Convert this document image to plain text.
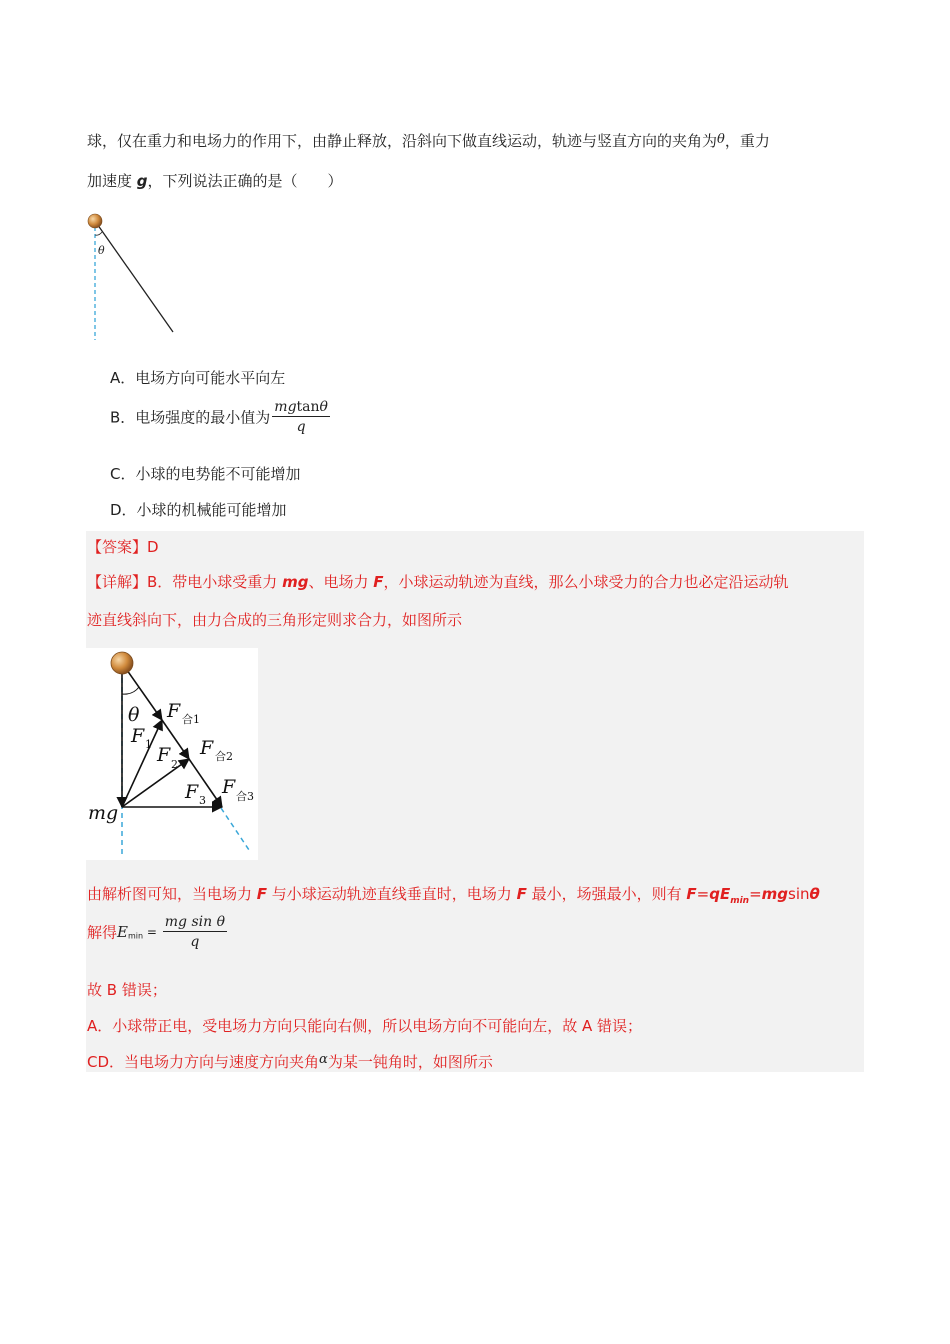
球，仅在重力和电场力的作用下，由静止释放，沿斜向下做直线运动，轨迹与竖直方向的夹角为θ，重力
加速度 g，下列说法正确的是（　　）
θ
A．电场方向可能水平向左
B．电场强度的最小值为 $\frac{mgtan\theta}{q}$
C．小球的电势能不可能增加
D．小球的机械能可能增加
【答案】D
【详解】B．带电小球受重力 mg、电场力 F，小球运动轨迹为直线，那么小球受力的合力也必定沿运动轨
迹直线斜向下，由力合成的三角形定则求合力，如图所示
θ F 合1
F 1 F 2
F 合2
F 3
F 合3
mg
由解析图可知，当电场力 F 与小球运动轨迹直线垂直时，电场力 F 最小，场强最小，则有 $F=qE_{min}=mgsin\theta$
解得$E_{min} = \frac{\text{mg sin θ}}{q}$
故 B 错误；
A．小球带正电，受电场力方向只能向右侧，所以电场方向不可能向左，故 A 错误；
CD．当电场力方向与速度方向夹角α为某一钝角时，如图所示
